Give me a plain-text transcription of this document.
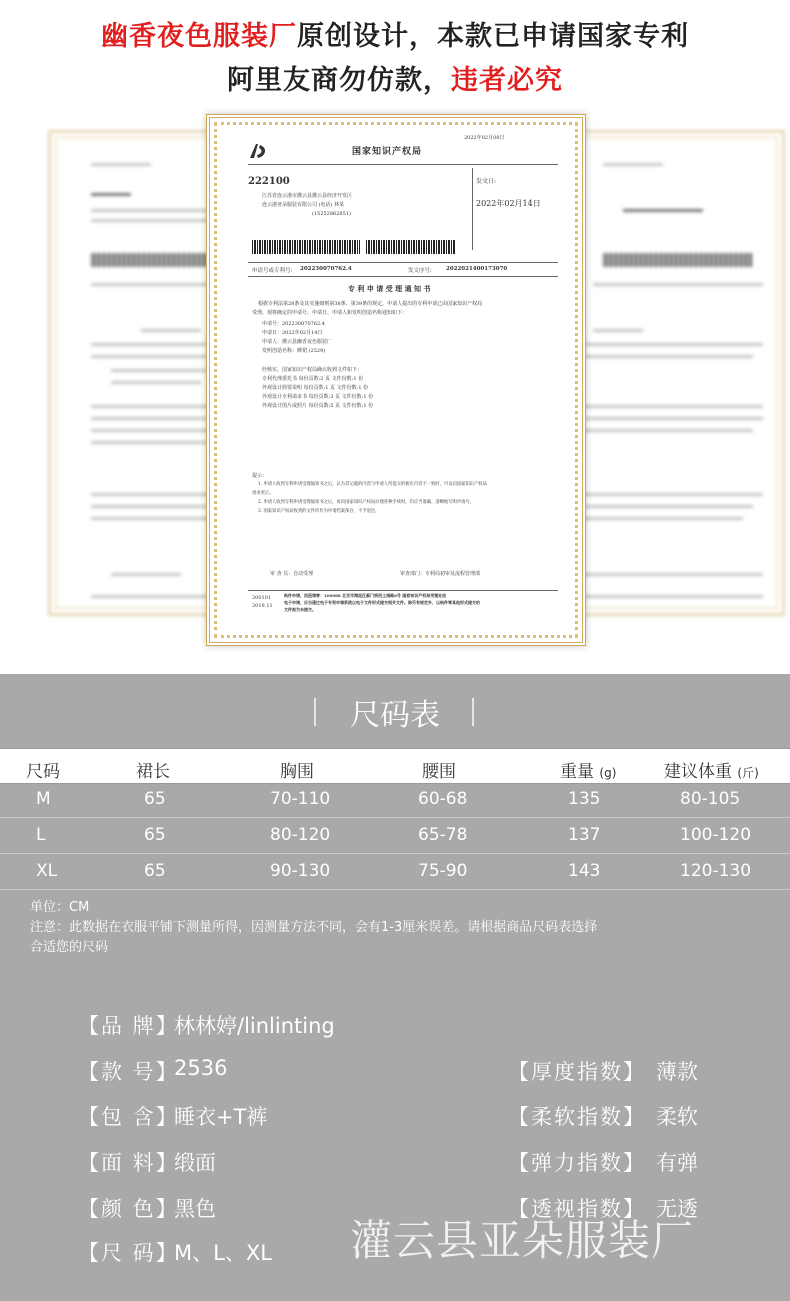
幽香夜色服装厂原创设计，本款已申请国家专利
阿里友商勿仿款，违者必究
2022年02月08日
国家知识产权局
222100
江苏省连云港市灌云县灌云县经济开发区
连云港亚朵服装有限公司 (电话) 林某
(15252862851)
发文日:
2022年02月14日
申请号或专利号: 202230070762.4	发文序号:	2022021400173070
专 利 申 请 受 理 通 知 书
根据专利法第28条及其实施细则第38条、第39条的规定，申请人提出的专利申请已由国家知识产权局
受理。现将确定的申请号、申请日、申请人和发明创造名称通知如下：
申请号：202230070762.4
申请日：2022年02月14日
申请人：灌云县幽香夜色服装厂
发明创造名称：睡裙 (2529)
经核实，国家知识产权局确认收到文件如下：
专利代理委托书 每份页数:2 页 文件份数:1 份
外观设计简要说明 每份页数:1 页 文件份数:1 份
外观设计专利请求书 每份页数:3 页 文件份数:1 份
外观设计图片或照片 每份页数:5 页 文件份数:1 份
提示：
1. 申请人收到专利申请受理通知书之后，认为其记载的内容与申请人所提交的相应内容不一致时，可以向国家知识产权局
请求更正。
2. 申请人收到专利申请受理通知书之后，再向国家知识产权局办理各种手续时，均应当准确、清晰地写明申请号。
3. 国家知识产权局收到的文件均作为申请档案保存，不予退还。
审 查 员：自动受理	审查部门：专利局初审及流程管理部
200101
2019.11
纸件申请，回函请寄：100088 北京市海淀区蓟门桥西土城路6号 国家知识产权局受理处收
电子申请，应当通过电子专利申请系统以电子文件形式提交相关文件。除另有规定外，以纸件等其他形式提交的
文件视为未提交。
尺码表
尺码	裙长	胸围	腰围	重量 (g)	建议体重 (斤)
M	65	70-110	60-68	135	80-105
L	65	80-120	65-78	137	100-120
XL	65	90-130	75-90	143	120-130
单位：CM
注意：此数据在衣服平铺下测量所得，因测量方法不同，会有1-3厘米误差。请根据商品尺码表选择
合适您的尺码
【品 牌】
林林婷/linlinting
【款 号】
2536
【包 含】
睡衣+T裤
【面 料】
缎面
【颜 色】
黑色
【尺 码】
M、L、XL
【厚度指数】 薄款
【柔软指数】 柔软
【弹力指数】 有弹
【透视指数】 无透
灌云县亚朵服装厂
